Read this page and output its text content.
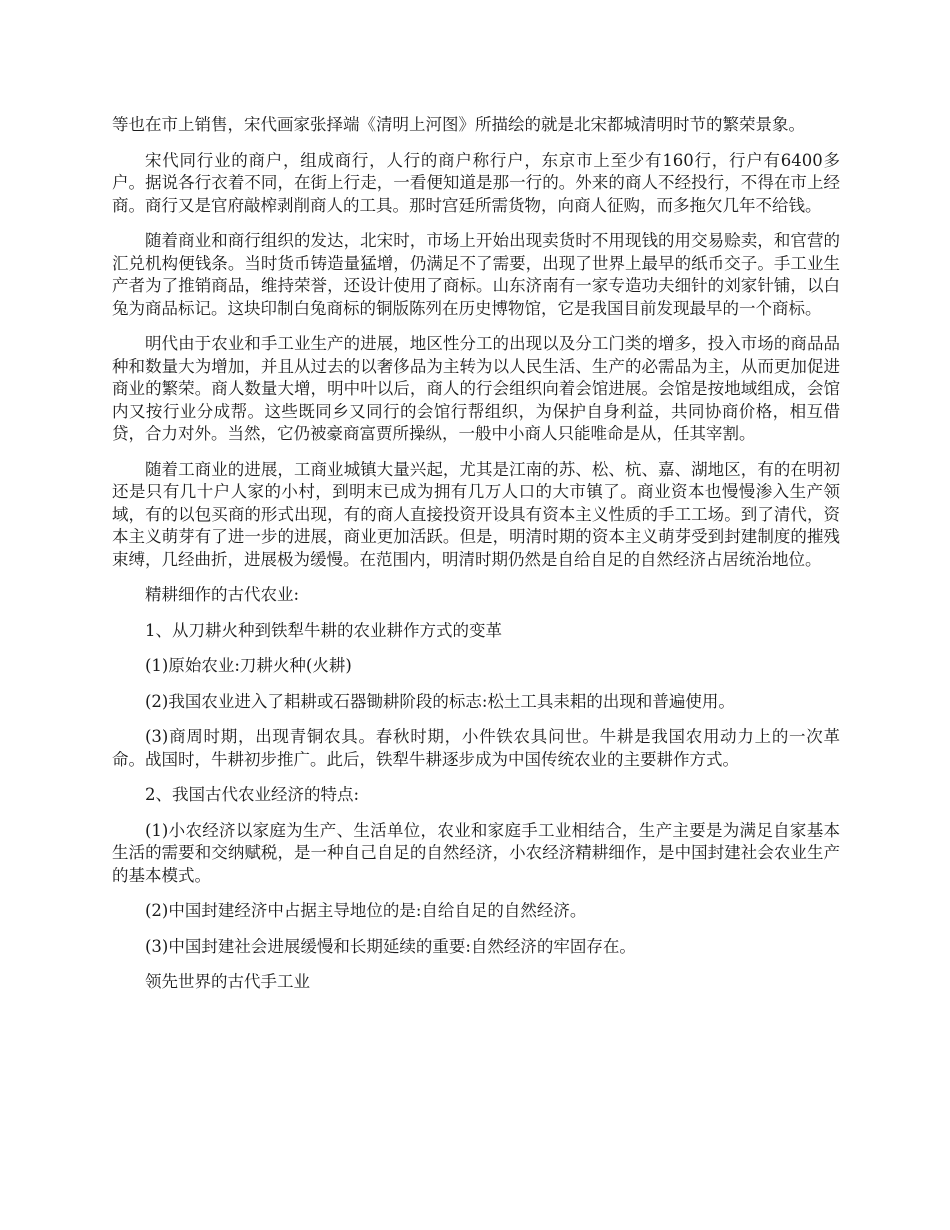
等也在市上销售，宋代画家张择端《清明上河图》所描绘的就是北宋都城清明时节的繁荣景象。

宋代同行业的商户，组成商行，人行的商户称行户，东京市上至少有160行，行户有6400多户。据说各行衣着不同，在街上行走，一看便知道是那一行的。外来的商人不经投行，不得在市上经商。商行又是官府敲榨剥削商人的工具。那时宫廷所需货物，向商人征购，而多拖欠几年不给钱。

随着商业和商行组织的发达，北宋时，市场上开始出现卖货时不用现钱的用交易赊卖，和官营的汇兑机构便钱条。当时货币铸造量猛增，仍满足不了需要，出现了世界上最早的纸币交子。手工业生产者为了推销商品，维持荣誉，还设计使用了商标。山东济南有一家专造功夫细针的刘家针铺，以白兔为商品标记。这块印制白兔商标的铜版陈列在历史博物馆，它是我国目前发现最早的一个商标。

明代由于农业和手工业生产的进展，地区性分工的出现以及分工门类的增多，投入市场的商品品种和数量大为增加，并且从过去的以奢侈品为主转为以人民生活、生产的必需品为主，从而更加促进商业的繁荣。商人数量大增，明中叶以后，商人的行会组织向着会馆进展。会馆是按地域组成，会馆内又按行业分成帮。这些既同乡又同行的会馆行帮组织，为保护自身利益，共同协商价格，相互借贷，合力对外。当然，它仍被豪商富贾所操纵，一般中小商人只能唯命是从，任其宰割。

随着工商业的进展，工商业城镇大量兴起，尤其是江南的苏、松、杭、嘉、湖地区，有的在明初还是只有几十户人家的小村，到明末已成为拥有几万人口的大市镇了。商业资本也慢慢渗入生产领域，有的以包买商的形式出现，有的商人直接投资开设具有资本主义性质的手工工场。到了清代，资本主义萌芽有了进一步的进展，商业更加活跃。但是，明清时期的资本主义萌芽受到封建制度的摧残束缚，几经曲折，进展极为缓慢。在范围内，明清时期仍然是自给自足的自然经济占居统治地位。

精耕细作的古代农业:

1、从刀耕火种到铁犁牛耕的农业耕作方式的变革

(1)原始农业:刀耕火种(火耕)

(2)我国农业进入了耜耕或石器锄耕阶段的标志:松土工具耒耜的出现和普遍使用。

(3)商周时期，出现青铜农具。春秋时期，小件铁农具问世。牛耕是我国农用动力上的一次革命。战国时，牛耕初步推广。此后，铁犁牛耕逐步成为中国传统农业的主要耕作方式。

2、我国古代农业经济的特点:

(1)小农经济以家庭为生产、生活单位，农业和家庭手工业相结合，生产主要是为满足自家基本生活的需要和交纳赋税，是一种自己自足的自然经济，小农经济精耕细作，是中国封建社会农业生产的基本模式。

(2)中国封建经济中占据主导地位的是:自给自足的自然经济。

(3)中国封建社会进展缓慢和长期延续的重要:自然经济的牢固存在。

领先世界的古代手工业
